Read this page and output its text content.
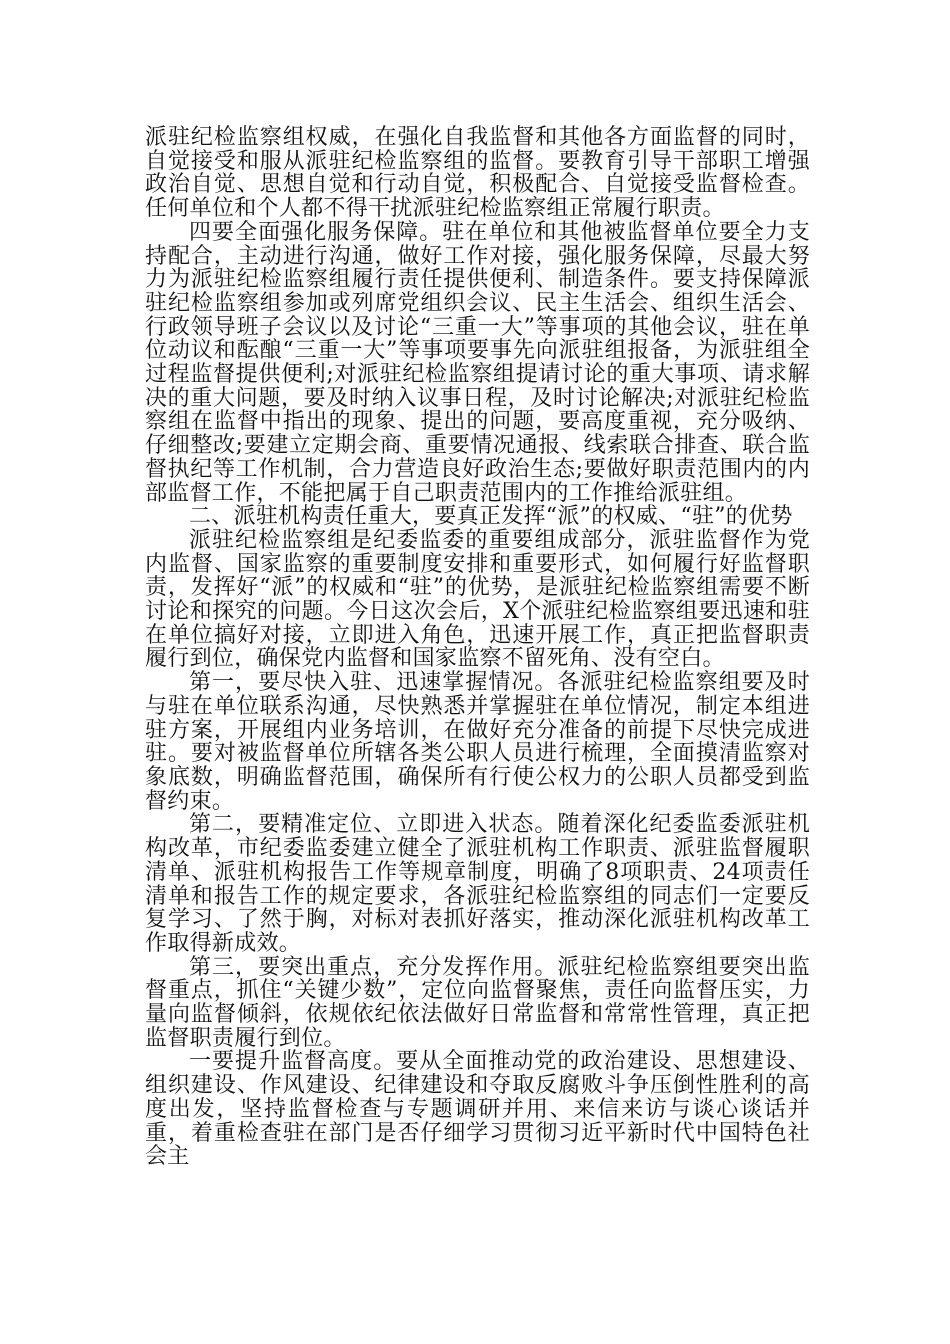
派驻纪检监察组权威，在强化自我监督和其他各方面监督的同时，自觉接受和服从派驻纪检监察组的监督。要教育引导干部职工增强政治自觉、思想自觉和行动自觉，积极配合、自觉接受监督检查。任何单位和个人都不得干扰派驻纪检监察组正常履行职责。

四要全面强化服务保障。驻在单位和其他被监督单位要全力支持配合，主动进行沟通，做好工作对接，强化服务保障，尽最大努力为派驻纪检监察组履行责任提供便利、制造条件。要支持保障派驻纪检监察组参加或列席党组织会议、民主生活会、组织生活会、行政领导班子会议以及讨论“三重一大”等事项的其他会议，驻在单位动议和酝酿“三重一大”等事项要事先向派驻组报备，为派驻组全过程监督提供便利;对派驻纪检监察组提请讨论的重大事项、请求解决的重大问题，要及时纳入议事日程，及时讨论解决;对派驻纪检监察组在监督中指出的现象、提出的问题，要高度重视，充分吸纳、仔细整改;要建立定期会商、重要情况通报、线索联合排查、联合监督执纪等工作机制，合力营造良好政治生态;要做好职责范围内的内部监督工作，不能把属于自己职责范围内的工作推给派驻组。

二、派驻机构责任重大，要真正发挥“派”的权威、“驻”的优势

派驻纪检监察组是纪委监委的重要组成部分，派驻监督作为党内监督、国家监察的重要制度安排和重要形式，如何履行好监督职责，发挥好“派”的权威和“驻”的优势，是派驻纪检监察组需要不断讨论和探究的问题。今日这次会后，X个派驻纪检监察组要迅速和驻在单位搞好对接，立即进入角色，迅速开展工作，真正把监督职责履行到位，确保党内监督和国家监察不留死角、没有空白。

第一，要尽快入驻、迅速掌握情况。各派驻纪检监察组要及时与驻在单位联系沟通，尽快熟悉并掌握驻在单位情况，制定本组进驻方案，开展组内业务培训，在做好充分准备的前提下尽快完成进驻。要对被监督单位所辖各类公职人员进行梳理，全面摸清监察对象底数，明确监督范围，确保所有行使公权力的公职人员都受到监督约束。

第二，要精准定位、立即进入状态。随着深化纪委监委派驻机构改革，市纪委监委建立健全了派驻机构工作职责、派驻监督履职清单、派驻机构报告工作等规章制度，明确了8项职责、24项责任清单和报告工作的规定要求，各派驻纪检监察组的同志们一定要反复学习、了然于胸，对标对表抓好落实，推动深化派驻机构改革工作取得新成效。

第三，要突出重点，充分发挥作用。派驻纪检监察组要突出监督重点，抓住“关键少数”，定位向监督聚焦，责任向监督压实，力量向监督倾斜，依规依纪依法做好日常监督和常常性管理，真正把监督职责履行到位。

一要提升监督高度。要从全面推动党的政治建设、思想建设、组织建设、作风建设、纪律建设和夺取反腐败斗争压倒性胜利的高度出发，坚持监督检查与专题调研并用、来信来访与谈心谈话并重，着重检查驻在部门是否仔细学习贯彻习近平新时代中国特色社会主
